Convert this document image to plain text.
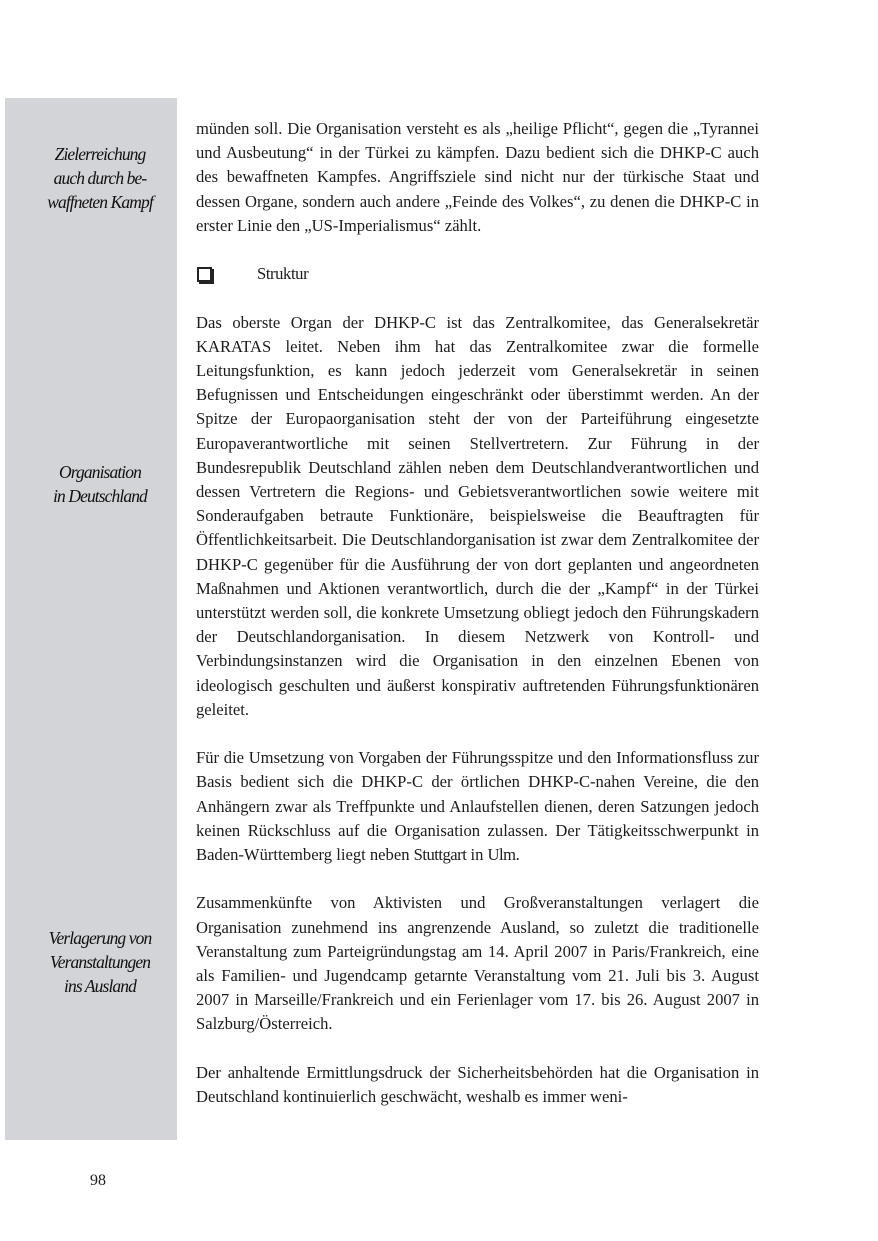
Zielerreichung
auch durch be-
waffneten Kampf
Organisation
in Deutschland
Verlagerung von
Veranstaltungen
ins Ausland

münden soll. Die Organisation versteht es als „heilige Pflicht“, gegen die „Tyrannei und Ausbeutung“ in der Türkei zu kämpfen. Dazu bedient sich die DHKP-C auch des bewaffneten Kampfes. Angriffsziele sind nicht nur der türkische Staat und dessen Organe, sondern auch andere „Feinde des Volkes“, zu denen die DHKP-C in erster Linie den „US-Imperialismus“ zählt.

Struktur

Das oberste Organ der DHKP-C ist das Zentralkomitee, das Generalsekretär KARATAS leitet. Neben ihm hat das Zentralkomitee zwar die formelle Leitungsfunktion, es kann jedoch jederzeit vom Generalsekretär in seinen Befugnissen und Entscheidungen eingeschränkt oder überstimmt werden. An der Spitze der Europaorganisation steht der von der Parteiführung eingesetzte Europaverantwortliche mit seinen Stellvertretern. Zur Führung in der Bundesrepublik Deutschland zählen neben dem Deutschlandverantwortlichen und dessen Vertretern die Regions- und Gebietsverantwortlichen sowie weitere mit Sonderaufgaben betraute Funktionäre, beispielsweise die Beauftragten für Öffentlichkeitsarbeit. Die Deutschlandorganisation ist zwar dem Zentralkomitee der DHKP-C gegenüber für die Ausführung der von dort geplanten und angeordneten Maßnahmen und Aktionen verantwortlich, durch die der „Kampf“ in der Türkei unterstützt werden soll, die konkrete Umsetzung obliegt jedoch den Führungskadern der Deutschlandorganisation. In diesem Netzwerk von Kontroll- und Verbindungsinstanzen wird die Organisation in den einzelnen Ebenen von ideologisch geschulten und äußerst konspirativ auftretenden Führungsfunktionären geleitet.

Für die Umsetzung von Vorgaben der Führungsspitze und den Informationsfluss zur Basis bedient sich die DHKP-C der örtlichen DHKP-C-nahen Vereine, die den Anhängern zwar als Treffpunkte und Anlaufstellen dienen, deren Satzungen jedoch keinen Rückschluss auf die Organisation zulassen. Der Tätigkeitsschwerpunkt in Baden-Württemberg liegt neben Stuttgart in Ulm.

Zusammenkünfte von Aktivisten und Großveranstaltungen verlagert die Organisation zunehmend ins angrenzende Ausland, so zuletzt die traditionelle Veranstaltung zum Parteigründungstag am 14. April 2007 in Paris/Frankreich, eine als Familien- und Jugendcamp getarnte Veranstaltung vom 21. Juli bis 3. August 2007 in Marseille/Frankreich und ein Ferienlager vom 17. bis 26. August 2007 in Salzburg/Österreich.

Der anhaltende Ermittlungsdruck der Sicherheitsbehörden hat die Organisation in Deutschland kontinuierlich geschwächt, weshalb es immer weni-

98
